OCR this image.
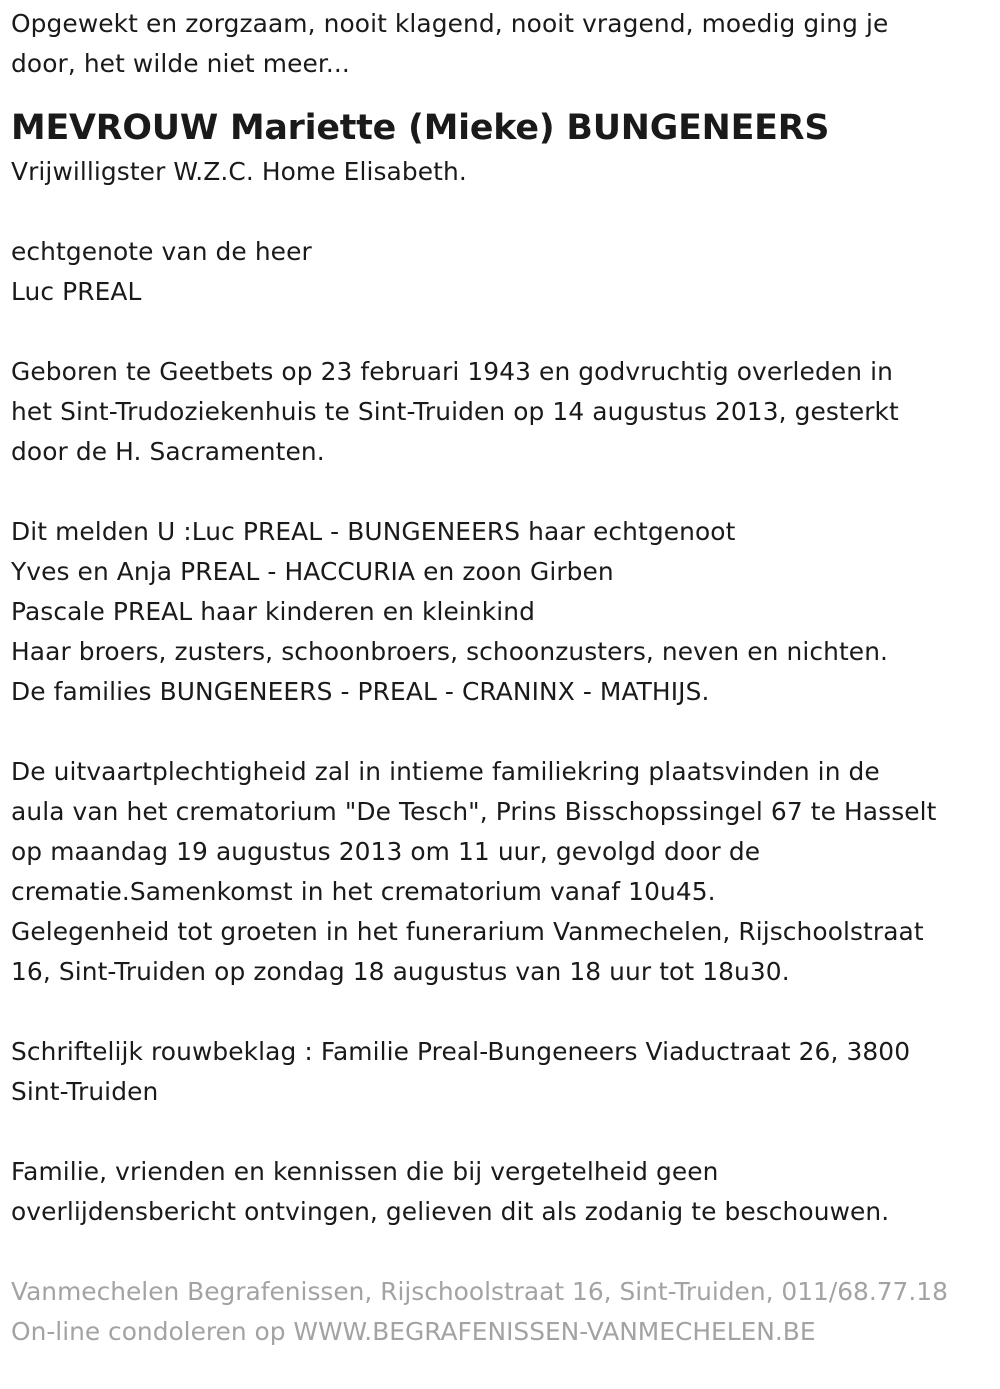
Opgewekt en zorgzaam, nooit klagend, nooit vragend, moedig ging je
door, het wilde niet meer...
MEVROUW Mariette (Mieke) BUNGENEERS
Vrijwilligster W.Z.C. Home Elisabeth.
echtgenote van de heer
Luc PREAL
Geboren te Geetbets op 23 februari 1943 en godvruchtig overleden in
het Sint-Trudoziekenhuis te Sint-Truiden op 14 augustus 2013, gesterkt
door de H. Sacramenten.
Dit melden U :Luc PREAL - BUNGENEERS haar echtgenoot
Yves en Anja PREAL - HACCURIA en zoon Girben
Pascale PREAL haar kinderen en kleinkind
Haar broers, zusters, schoonbroers, schoonzusters, neven en nichten.
De families BUNGENEERS - PREAL - CRANINX - MATHIJS.
De uitvaartplechtigheid zal in intieme familiekring plaatsvinden in de
aula van het crematorium "De Tesch", Prins Bisschopssingel 67 te Hasselt
op maandag 19 augustus 2013 om 11 uur, gevolgd door de
crematie.Samenkomst in het crematorium vanaf 10u45.
Gelegenheid tot groeten in het funerarium Vanmechelen, Rijschoolstraat
16, Sint-Truiden op zondag 18 augustus van 18 uur tot 18u30.
Schriftelijk rouwbeklag : Familie Preal-Bungeneers Viaductraat 26, 3800
Sint-Truiden
Familie, vrienden en kennissen die bij vergetelheid geen
overlijdensbericht ontvingen, gelieven dit als zodanig te beschouwen.
Vanmechelen Begrafenissen, Rijschoolstraat 16, Sint-Truiden, 011/68.77.18
On-line condoleren op WWW.BEGRAFENISSEN-VANMECHELEN.BE
